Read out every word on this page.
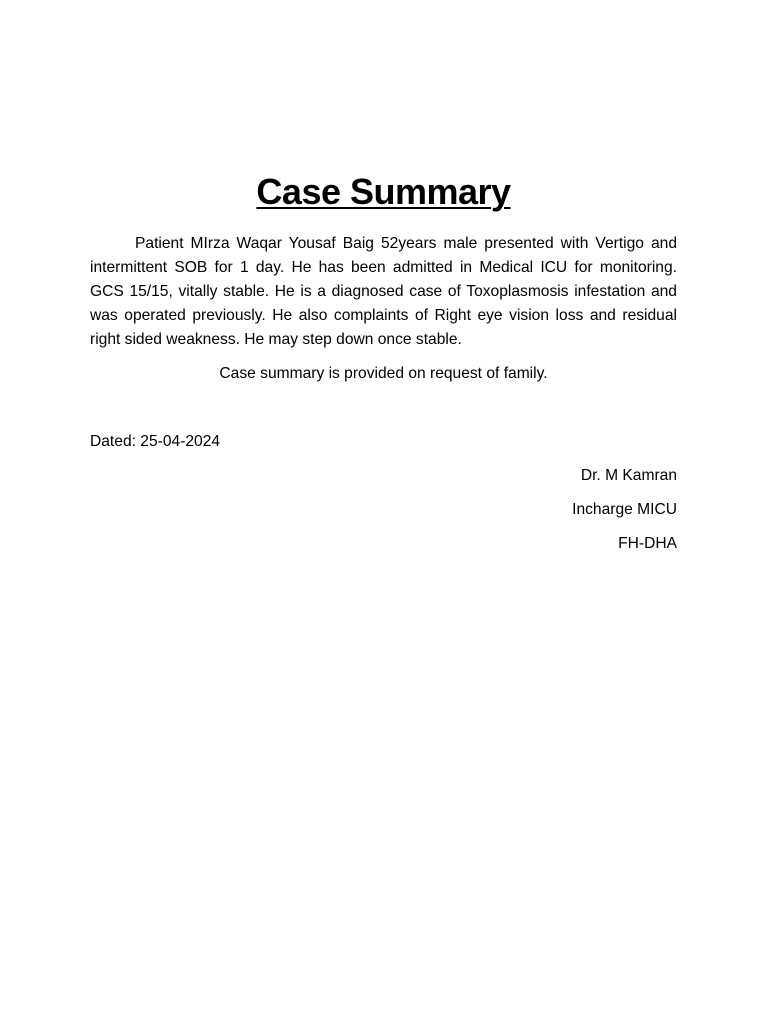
Case Summary

Patient MIrza Waqar Yousaf Baig 52years male presented with Vertigo and intermittent SOB for 1 day. He has been admitted in Medical ICU for monitoring. GCS 15/15, vitally stable. He is a diagnosed case of Toxoplasmosis infestation and was operated previously. He also complaints of Right eye vision loss and residual right sided weakness. He may step down once stable.

Case summary is provided on request of family.

Dated: 25-04-2024

Dr. M Kamran

Incharge MICU

FH-DHA
